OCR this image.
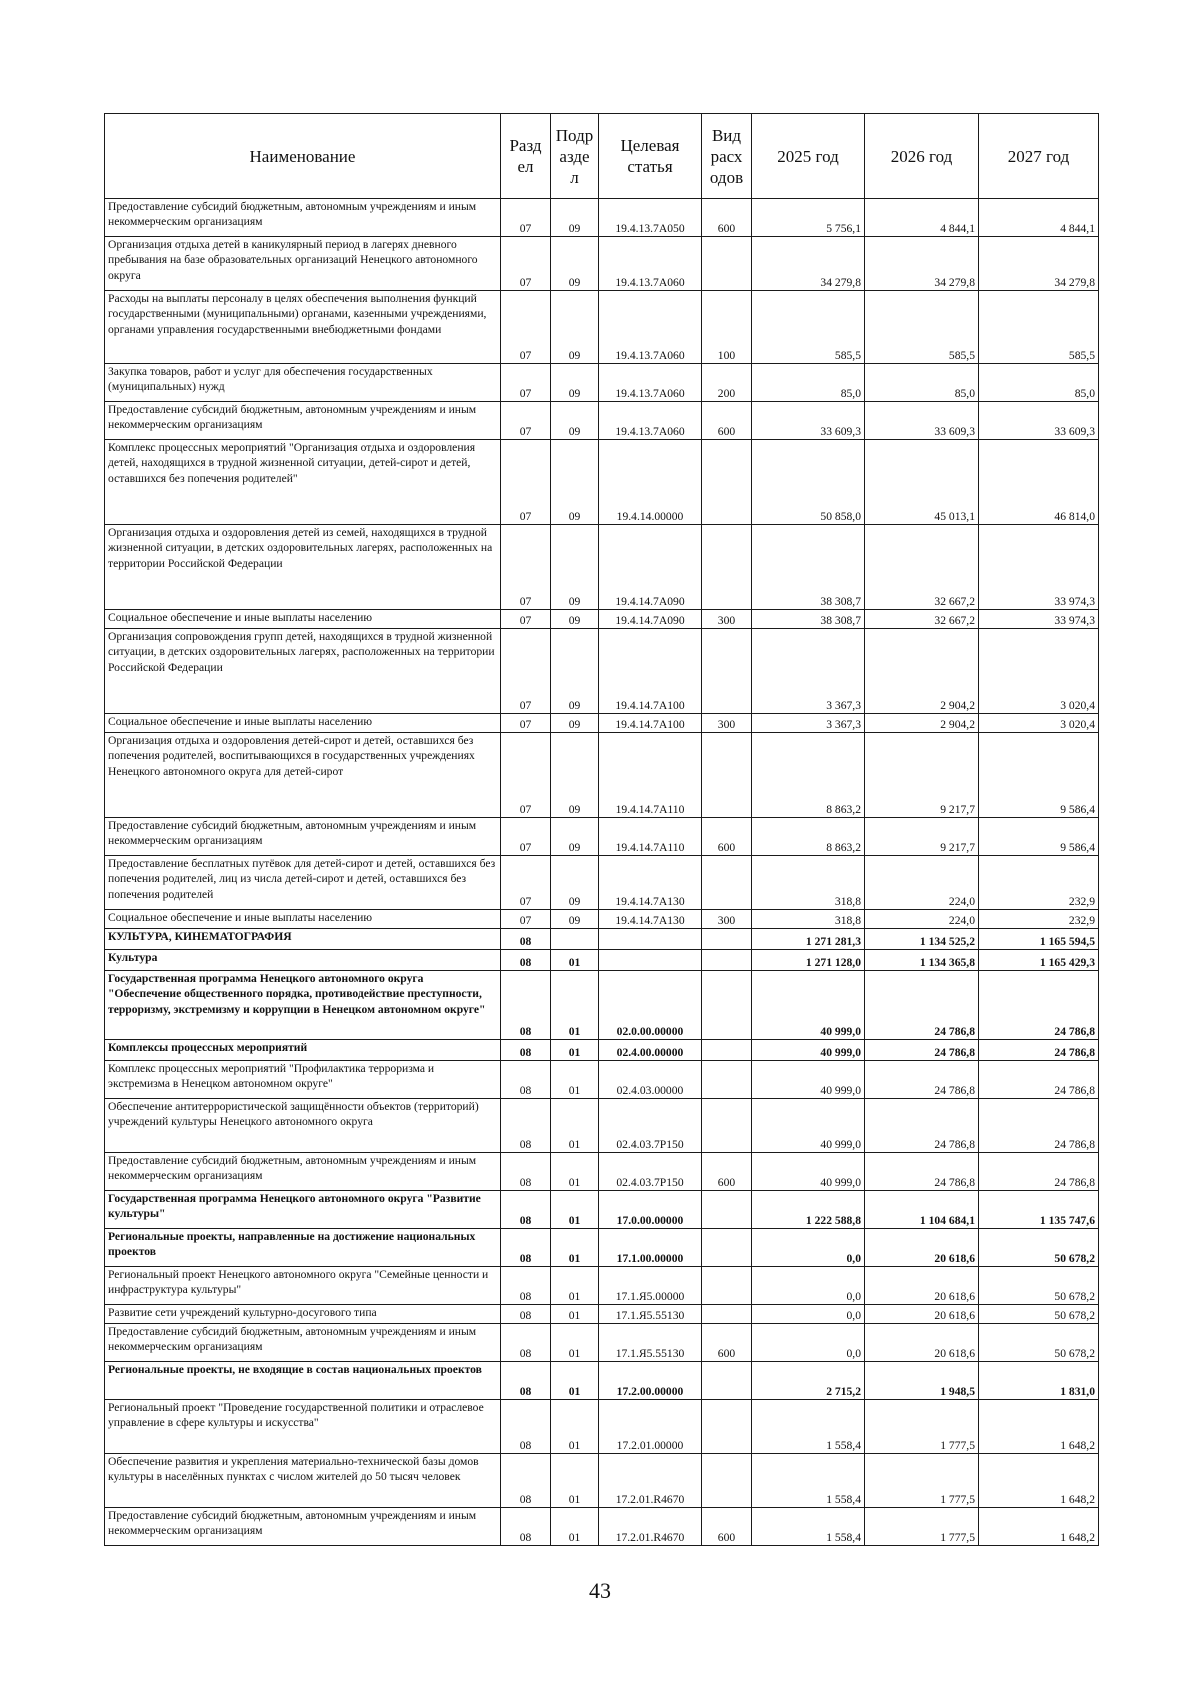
Наименование	Разд ел	Подр азде л	Целевая статья	Вид расх одов	2025 год	2026 год	2027 год
Предоставление субсидий бюджетным, автономным учреждениям и иным некоммерческим организациям	07	09	19.4.13.7А050	600	5 756,1	4 844,1	4 844,1
Организация отдыха детей в каникулярный период в лагерях дневного пребывания на базе образовательных организаций Ненецкого автономного округа	07	09	19.4.13.7А060		34 279,8	34 279,8	34 279,8
Расходы на выплаты персоналу в целях обеспечения выполнения функций государственными (муниципальными) органами, казенными учреждениями, органами управления государственными внебюджетными фондами	07	09	19.4.13.7А060	100	585,5	585,5	585,5
Закупка товаров, работ и услуг для обеспечения государственных (муниципальных) нужд	07	09	19.4.13.7А060	200	85,0	85,0	85,0
Предоставление субсидий бюджетным, автономным учреждениям и иным некоммерческим организациям	07	09	19.4.13.7А060	600	33 609,3	33 609,3	33 609,3
Комплекс процессных мероприятий "Организация отдыха и оздоровления детей, находящихся в трудной жизненной ситуации, детей-сирот и детей, оставшихся без попечения родителей"	07	09	19.4.14.00000		50 858,0	45 013,1	46 814,0
Организация отдыха и оздоровления детей из семей, находящихся в трудной жизненной ситуации, в детских оздоровительных лагерях, расположенных на территории Российской Федерации	07	09	19.4.14.7А090		38 308,7	32 667,2	33 974,3
Социальное обеспечение и иные выплаты населению	07	09	19.4.14.7А090	300	38 308,7	32 667,2	33 974,3
Организация сопровождения групп детей, находящихся в трудной жизненной ситуации, в детских оздоровительных лагерях, расположенных на территории Российской Федерации	07	09	19.4.14.7А100		3 367,3	2 904,2	3 020,4
Социальное обеспечение и иные выплаты населению	07	09	19.4.14.7А100	300	3 367,3	2 904,2	3 020,4
Организация отдыха и оздоровления детей-сирот и детей, оставшихся без попечения родителей, воспитывающихся в государственных учреждениях Ненецкого автономного округа для детей-сирот	07	09	19.4.14.7А110		8 863,2	9 217,7	9 586,4
Предоставление субсидий бюджетным, автономным учреждениям и иным некоммерческим организациям	07	09	19.4.14.7А110	600	8 863,2	9 217,7	9 586,4
Предоставление бесплатных путёвок для детей-сирот и детей, оставшихся без попечения родителей, лиц из числа детей-сирот и детей, оставшихся без попечения родителей	07	09	19.4.14.7А130		318,8	224,0	232,9
Социальное обеспечение и иные выплаты населению	07	09	19.4.14.7А130	300	318,8	224,0	232,9
КУЛЬТУРА, КИНЕМАТОГРАФИЯ	08				1 271 281,3	1 134 525,2	1 165 594,5
Культура	08	01			1 271 128,0	1 134 365,8	1 165 429,3
Государственная программа Ненецкого автономного округа "Обеспечение общественного порядка, противодействие преступности, терроризму, экстремизму и коррупции в Ненецком автономном округе"	08	01	02.0.00.00000		40 999,0	24 786,8	24 786,8
Комплексы процессных мероприятий	08	01	02.4.00.00000		40 999,0	24 786,8	24 786,8
Комплекс процессных мероприятий "Профилактика терроризма и экстремизма в Ненецком автономном округе"	08	01	02.4.03.00000		40 999,0	24 786,8	24 786,8
Обеспечение антитеррористической защищённости объектов (территорий) учреждений культуры Ненецкого автономного округа	08	01	02.4.03.7Р150		40 999,0	24 786,8	24 786,8
Предоставление субсидий бюджетным, автономным учреждениям и иным некоммерческим организациям	08	01	02.4.03.7Р150	600	40 999,0	24 786,8	24 786,8
Государственная программа Ненецкого автономного округа "Развитие культуры"	08	01	17.0.00.00000		1 222 588,8	1 104 684,1	1 135 747,6
Региональные проекты, направленные на достижение национальных проектов	08	01	17.1.00.00000		0,0	20 618,6	50 678,2
Региональный проект Ненецкого автономного округа "Семейные ценности и инфраструктура культуры"	08	01	17.1.Я5.00000		0,0	20 618,6	50 678,2
Развитие сети учреждений культурно-досугового типа	08	01	17.1.Я5.55130		0,0	20 618,6	50 678,2
Предоставление субсидий бюджетным, автономным учреждениям и иным некоммерческим организациям	08	01	17.1.Я5.55130	600	0,0	20 618,6	50 678,2
Региональные проекты, не входящие в состав национальных проектов	08	01	17.2.00.00000		2 715,2	1 948,5	1 831,0
Региональный проект "Проведение государственной политики и отраслевое управление в сфере культуры и искусства"	08	01	17.2.01.00000		1 558,4	1 777,5	1 648,2
Обеспечение развития и укрепления материально-технической базы домов культуры в населённых пунктах с числом жителей до 50 тысяч человек	08	01	17.2.01.R4670		1 558,4	1 777,5	1 648,2
Предоставление субсидий бюджетным, автономным учреждениям и иным некоммерческим организациям	08	01	17.2.01.R4670	600	1 558,4	1 777,5	1 648,2
43
